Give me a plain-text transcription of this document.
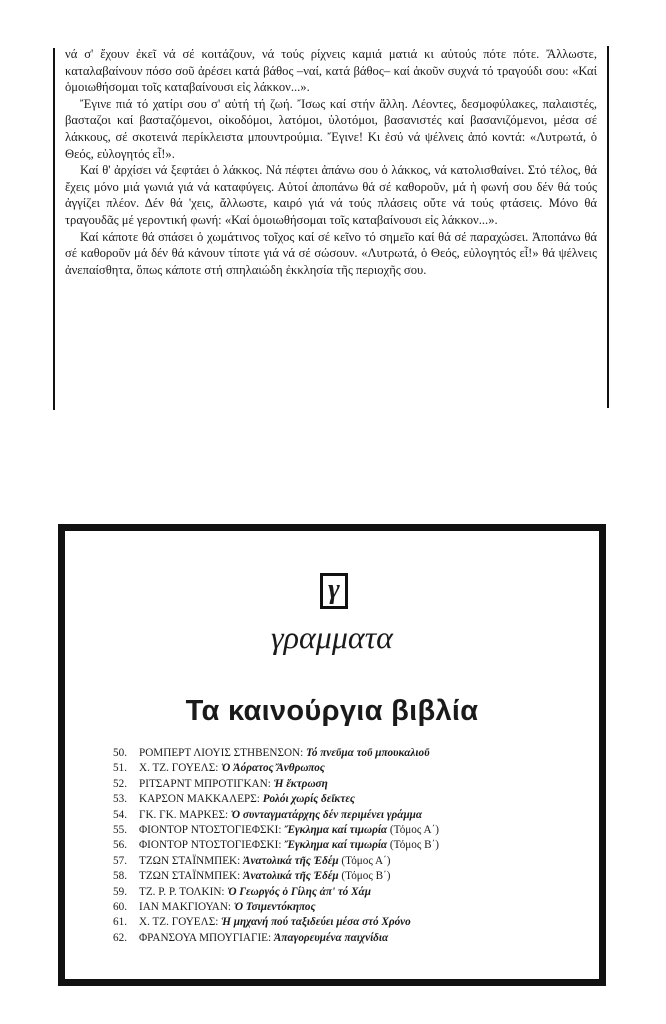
νά σ' ἔχουν ἐκεῖ νά σέ κοιτάζουν, νά τούς ρίχνεις καμιά ματιά κι αὐτούς πότε πότε. Ἄλλωστε, καταλαβαίνουν πόσο σοῦ ἀρέσει κατά βάθος –ναί, κατά βάθος– καί ἀκοῦν συχνά τό τραγούδι σου: «Καί ὁμοιωθήσομαι τοῖς καταβαίνουσι εἰς λάκκον...».

Ἔγινε πιά τό χατίρι σου σ' αὐτή τή ζωή. Ἴσως καί στήν ἄλλη. Λέοντες, δεσμοφύλακες, παλαιστές, βασταζοι καί βασταζόμενοι, οἰκοδόμοι, λατόμοι, ὑλοτόμοι, βασανιστές καί βασανιζόμενοι, μέσα σέ λάκκους, σέ σκοτεινά περίκλειστα μπουντρούμια. Ἔγινε! Κι ἐσύ νά ψέλνεις ἀπό κοντά: «Λυτρωτά, ὁ Θεός, εὐλογητός εἶ!».

Καί θ' ἀρχίσει νά ξεφτάει ὁ λάκκος. Νά πέφτει ἀπάνω σου ὁ λάκκος, νά κατολισθαίνει. Στό τέλος, θά ἔχεις μόνο μιά γωνιά γιά νά καταφύγεις. Αὐτοί ἀποπάνω θά σέ καθοροῦν, μά ἡ φωνή σου δέν θά τούς ἀγγίζει πλέον. Δέν θά 'χεις, ἄλλωστε, καιρό γιά νά τούς πλάσεις οὔτε νά τούς φτάσεις. Μόνο θά τραγουδᾶς μέ γεροντική φωνή: «Καί ὁμοιωθήσομαι τοῖς καταβαίνουσι εἰς λάκκον...».

Καί κάποτε θά σπάσει ὁ χωμάτινος τοῖχος καί σέ κεῖνο τό σημεῖο καί θά σέ παραχώσει. Ἀποπάνω θά σέ καθοροῦν μά δέν θά κάνουν τίποτε γιά νά σέ σώσουν. «Λυτρωτά, ὁ Θεός, εὐλογητός εἶ!» θά ψέλνεις ἀνεπαίσθητα, ὅπως κάποτε στή σπηλαιώδη ἐκκλησία τῆς περιοχῆς σου.

γ
γραμματα
Τα καινούργια βιβλία
50. ΡΟΜΠΕΡΤ ΛΙΟΥΙΣ ΣΤΗΒΕΝΣΟΝ: Τό πνεῦμα τοῦ μπουκαλιοῦ
51. Χ. ΤΖ. ΓΟΥΕΛΣ: Ὁ Ἀόρατος Ἄνθρωπος
52. ΡΙΤΣΑΡΝΤ ΜΠΡΟΤΙΓΚΑΝ: Ἡ ἔκτρωση
53. ΚΑΡΣΟΝ ΜΑΚΚΑΛΕΡΣ: Ρολόι χωρίς δεῖκτες
54. ΓΚ. ΓΚ. ΜΑΡΚΕΣ: Ὁ συνταγματάρχης δέν περιμένει γράμμα
55. ΦΙΟΝΤΟΡ ΝΤΟΣΤΟΓΙΕΦΣΚΙ: Ἔγκλημα καί τιμωρία (Τόμος Α΄)
56. ΦΙΟΝΤΟΡ ΝΤΟΣΤΟΓΙΕΦΣΚΙ: Ἔγκλημα καί τιμωρία (Τόμος Β΄)
57. ΤΖΩΝ ΣΤΑΪΝΜΠΕΚ: Ἀνατολικά τῆς Ἐδέμ (Τόμος Α΄)
58. ΤΖΩΝ ΣΤΑΪΝΜΠΕΚ: Ἀνατολικά τῆς Ἐδέμ (Τόμος Β΄)
59. ΤΖ. Ρ. Ρ. ΤΟΛΚΙΝ: Ὁ Γεωργός ὁ Γίλης ἀπ' τό Χάμ
60. ΙΑΝ ΜΑΚΓΙΟΥΑΝ: Ὁ Τσιμεντόκηπος
61. Χ. ΤΖ. ΓΟΥΕΛΣ: Ἡ μηχανή πού ταξιδεύει μέσα στό Χρόνο
62. ΦΡΑΝΣΟΥΑ ΜΠΟΥΓΙΑΓΙΕ: Ἀπαγορευμένα παιχνίδια
